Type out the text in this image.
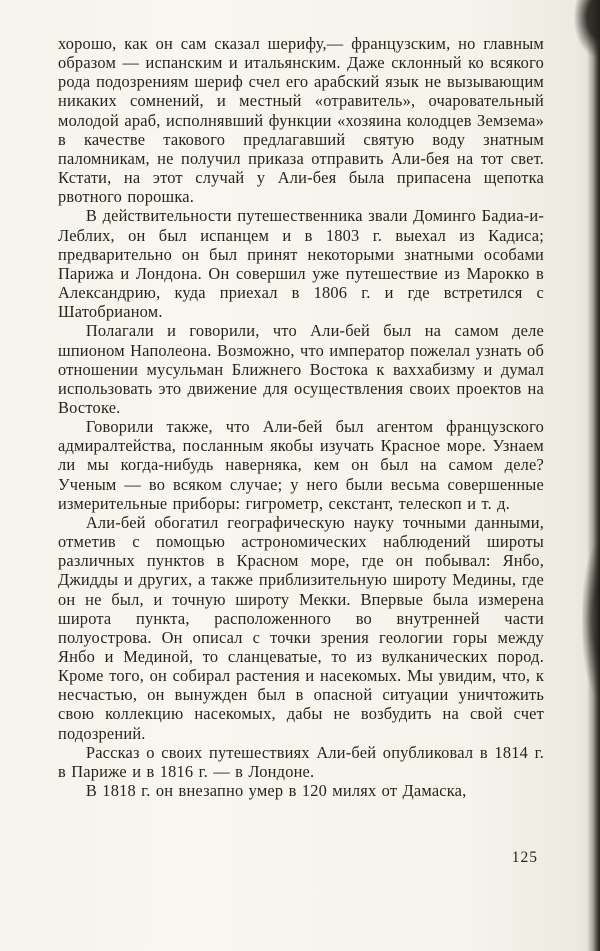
хорошо, как он сам сказал шерифу,— французским, но главным образом — испанским и итальянским. Даже склонный ко всякого рода подозрениям шериф счел его арабский язык не вызывающим никаких сомнений, и местный «отравитель», очаровательный молодой араб, исполнявший функции «хозяина колодцев Земзема» в качестве такового предлагавший святую воду знатным паломникам, не получил приказа отправить Али-бея на тот свет. Кстати, на этот случай у Али-бея была припасена щепотка рвотного порошка.

В действительности путешественника звали Доминго Бадиа-и-Леблих, он был испанцем и в 1803 г. выехал из Кадиса; предварительно он был принят некоторыми знатными особами Парижа и Лондона. Он совершил уже путешествие из Марокко в Александрию, куда приехал в 1806 г. и где встретился с Шатобрианом.

Полагали и говорили, что Али-бей был на самом деле шпионом Наполеона. Возможно, что император пожелал узнать об отношении мусульман Ближнего Востока к ваххабизму и думал использовать это движение для осуществления своих проектов на Востоке.

Говорили также, что Али-бей был агентом французского адмиралтейства, посланным якобы изучать Красное море. Узнаем ли мы когда-нибудь наверняка, кем он был на самом деле? Ученым — во всяком случае; у него были весьма совершенные измерительные приборы: гигрометр, секстант, телескоп и т. д.

Али-бей обогатил географическую науку точными данными, отметив с помощью астрономических наблюдений широты различных пунктов в Красном море, где он побывал: Янбо, Джидды и других, а также приблизительную широту Медины, где он не был, и точную широту Мекки. Впервые была измерена широта пункта, расположенного во внутренней части полуострова. Он описал с точки зрения геологии горы между Янбо и Мединой, то сланцеватые, то из вулканических пород. Кроме того, он собирал растения и насекомых. Мы увидим, что, к несчастью, он вынужден был в опасной ситуации уничтожить свою коллекцию насекомых, дабы не возбудить на свой счет подозрений.

Рассказ о своих путешествиях Али-бей опубликовал в 1814 г. в Париже и в 1816 г. — в Лондоне.

В 1818 г. он внезапно умер в 120 милях от Дамаска,

125
